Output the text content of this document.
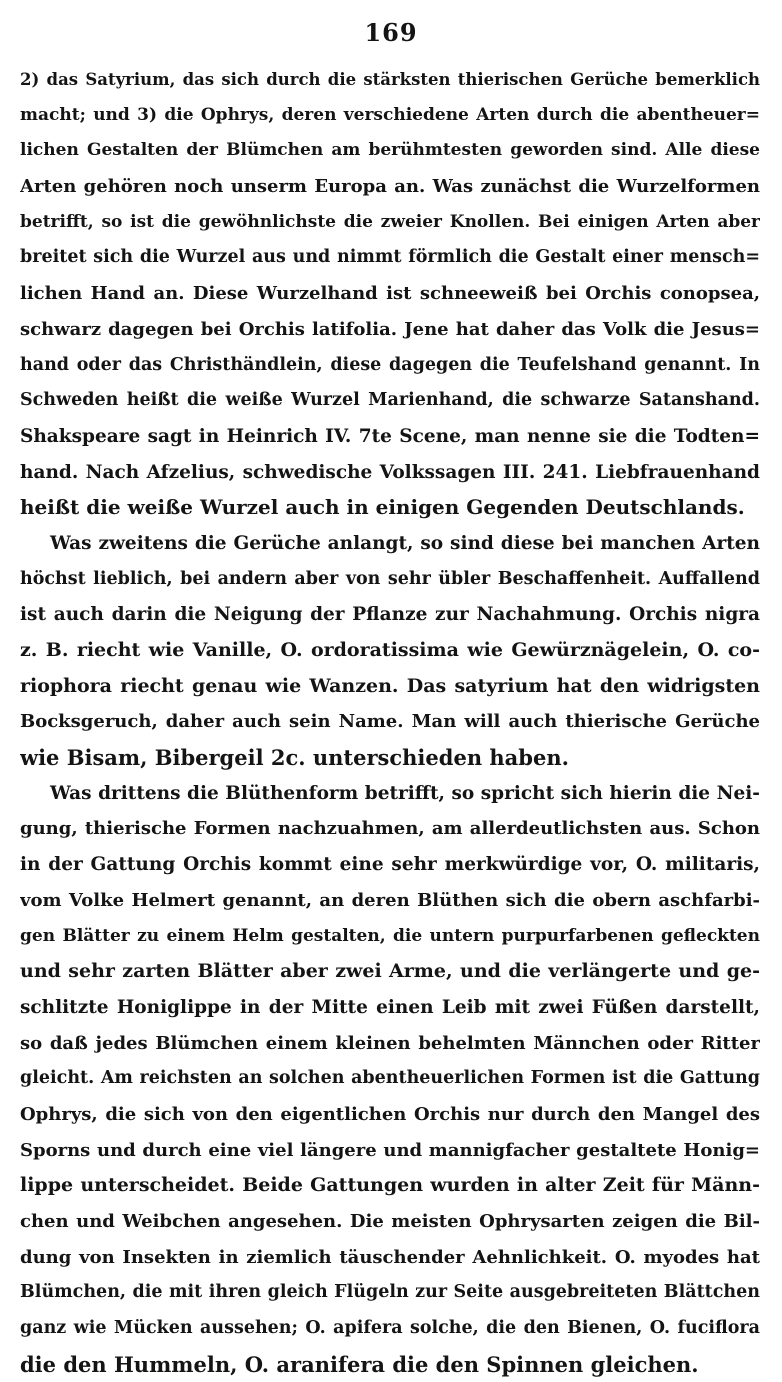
169
2) das Satyrium, das sich durch die stärksten thierischen Gerüche bemerklich
macht; und 3) die Ophrys, deren verschiedene Arten durch die abentheuer=
lichen Gestalten der Blümchen am berühmtesten geworden sind. Alle diese
Arten gehören noch unserm Europa an. Was zunächst die Wurzelformen
betrifft, so ist die gewöhnlichste die zweier Knollen. Bei einigen Arten aber
breitet sich die Wurzel aus und nimmt förmlich die Gestalt einer mensch=
lichen Hand an. Diese Wurzelhand ist schneeweiß bei Orchis conopsea,
schwarz dagegen bei Orchis latifolia. Jene hat daher das Volk die Jesus=
hand oder das Christhändlein, diese dagegen die Teufelshand genannt. In
Schweden heißt die weiße Wurzel Marienhand, die schwarze Satanshand.
Shakspeare sagt in Heinrich IV. 7te Scene, man nenne sie die Todten=
hand. Nach Afzelius, schwedische Volkssagen III. 241. Liebfrauenhand
heißt die weiße Wurzel auch in einigen Gegenden Deutschlands.
Was zweitens die Gerüche anlangt, so sind diese bei manchen Arten
höchst lieblich, bei andern aber von sehr übler Beschaffenheit. Auffallend
ist auch darin die Neigung der Pflanze zur Nachahmung. Orchis nigra
z. B. riecht wie Vanille, O. ordoratissima wie Gewürznägelein, O. co-
riophora riecht genau wie Wanzen. Das satyrium hat den widrigsten
Bocksgeruch, daher auch sein Name. Man will auch thierische Gerüche
wie Bisam, Bibergeil 2c. unterschieden haben.
Was drittens die Blüthenform betrifft, so spricht sich hierin die Nei-
gung, thierische Formen nachzuahmen, am allerdeutlichsten aus. Schon
in der Gattung Orchis kommt eine sehr merkwürdige vor, O. militaris,
vom Volke Helmert genannt, an deren Blüthen sich die obern aschfarbi-
gen Blätter zu einem Helm gestalten, die untern purpurfarbenen gefleckten
und sehr zarten Blätter aber zwei Arme, und die verlängerte und ge-
schlitzte Honiglippe in der Mitte einen Leib mit zwei Füßen darstellt,
so daß jedes Blümchen einem kleinen behelmten Männchen oder Ritter
gleicht. Am reichsten an solchen abentheuerlichen Formen ist die Gattung
Ophrys, die sich von den eigentlichen Orchis nur durch den Mangel des
Sporns und durch eine viel längere und mannigfacher gestaltete Honig=
lippe unterscheidet. Beide Gattungen wurden in alter Zeit für Männ-
chen und Weibchen angesehen. Die meisten Ophrysarten zeigen die Bil-
dung von Insekten in ziemlich täuschender Aehnlichkeit. O. myodes hat
Blümchen, die mit ihren gleich Flügeln zur Seite ausgebreiteten Blättchen
ganz wie Mücken aussehen; O. apifera solche, die den Bienen, O. fuciflora
die den Hummeln, O. aranifera die den Spinnen gleichen.
